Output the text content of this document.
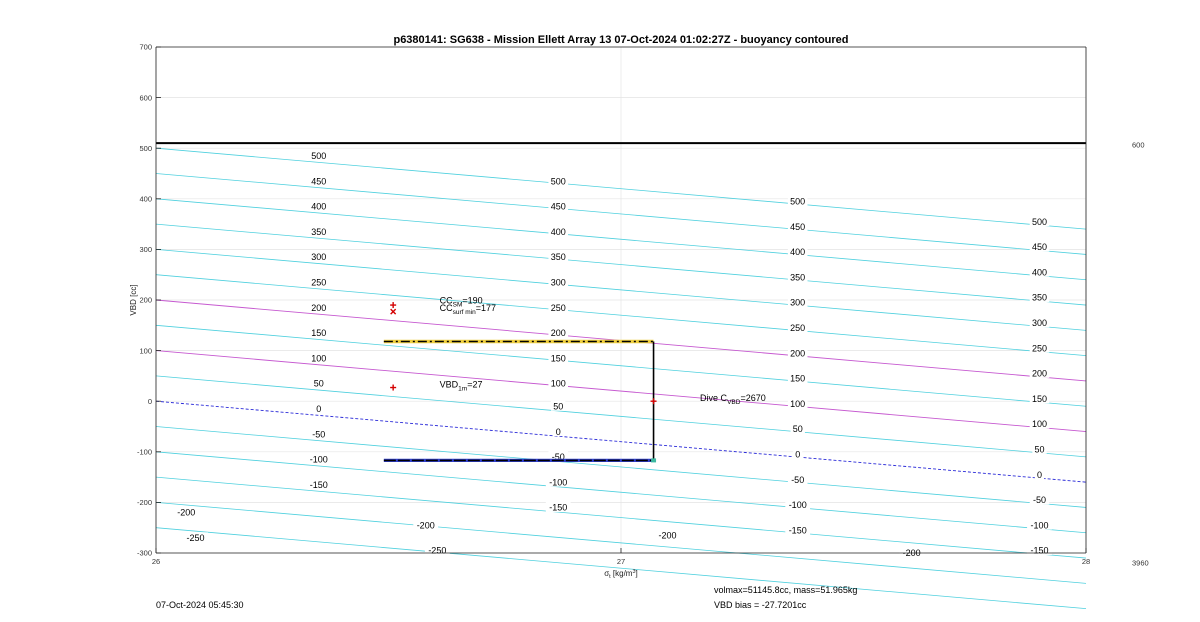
p6380141: SG638 - Mission Ellett Array 13 07-Oct-2024 01:02:27Z - buoyancy contoured
500
450
400
350
300
250
200
150
100
50
0
-50
-100
-150
-200
-250
500
450
400
350
300
250
200
150
100
50
0
-50
-100
-150
-200
-250
-200
500
450
400
350
300
250
200
150
100
50
0
-50
-100
-150
-200
500
450
400
350
300
250
200
150
100
50
0
-50
-100
-150
700
600
500
400
300
200
100
0
-100
-200
-300
26	27	28
$CC_{SM}=190$
$CC_{surf min}=177$
$VBD_{1m}=27$
Dive $C_{VBD}=2670$
VBD [cc]
$\sigma_t$ $[kg/m^3]$
600
3960
07-Oct-2024 05:45:30
volmax=51145.8cc, mass=51.965kg
VBD bias = -27.7201cc
